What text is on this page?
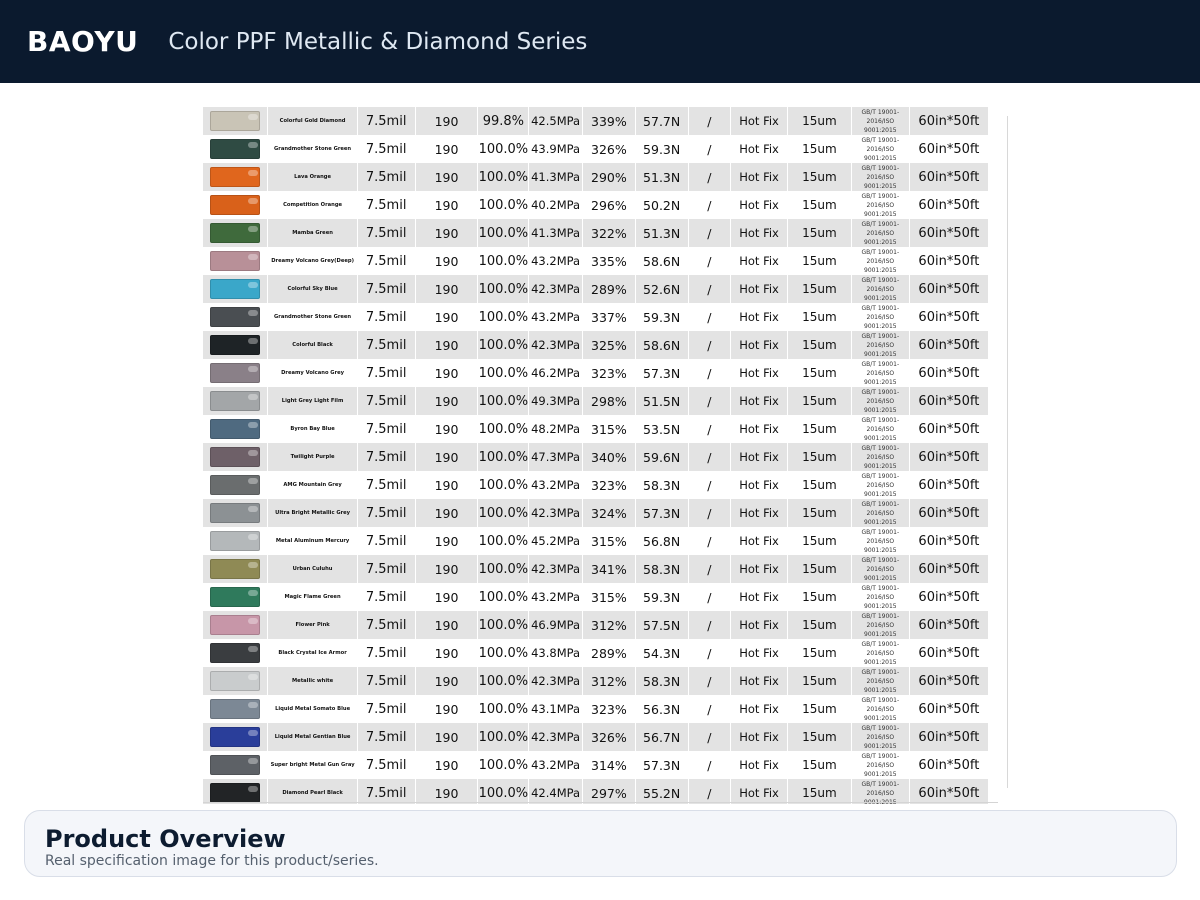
BAOYU Color PPF Metallic & Diamond Series
	Colorful Gold Diamond	7.5mil	190	99.8%	42.5MPa	339%	57.7N	/	Hot Fix	15um	GB/T 19001-2016/ISO 9001:2015	60in*50ft
	Grandmother Stone Green	7.5mil	190	100.0%	43.9MPa	326%	59.3N	/	Hot Fix	15um	GB/T 19001-2016/ISO 9001:2015	60in*50ft
	Lava Orange	7.5mil	190	100.0%	41.3MPa	290%	51.3N	/	Hot Fix	15um	GB/T 19001-2016/ISO 9001:2015	60in*50ft
	Competition Orange	7.5mil	190	100.0%	40.2MPa	296%	50.2N	/	Hot Fix	15um	GB/T 19001-2016/ISO 9001:2015	60in*50ft
	Mamba Green	7.5mil	190	100.0%	41.3MPa	322%	51.3N	/	Hot Fix	15um	GB/T 19001-2016/ISO 9001:2015	60in*50ft
	Dreamy Volcano Grey(Deep)	7.5mil	190	100.0%	43.2MPa	335%	58.6N	/	Hot Fix	15um	GB/T 19001-2016/ISO 9001:2015	60in*50ft
	Colorful Sky Blue	7.5mil	190	100.0%	42.3MPa	289%	52.6N	/	Hot Fix	15um	GB/T 19001-2016/ISO 9001:2015	60in*50ft
	Grandmother Stone Green	7.5mil	190	100.0%	43.2MPa	337%	59.3N	/	Hot Fix	15um	GB/T 19001-2016/ISO 9001:2015	60in*50ft
	Colorful Black	7.5mil	190	100.0%	42.3MPa	325%	58.6N	/	Hot Fix	15um	GB/T 19001-2016/ISO 9001:2015	60in*50ft
	Dreamy Volcano Grey	7.5mil	190	100.0%	46.2MPa	323%	57.3N	/	Hot Fix	15um	GB/T 19001-2016/ISO 9001:2015	60in*50ft
	Light Grey Light Film	7.5mil	190	100.0%	49.3MPa	298%	51.5N	/	Hot Fix	15um	GB/T 19001-2016/ISO 9001:2015	60in*50ft
	Byron Bay Blue	7.5mil	190	100.0%	48.2MPa	315%	53.5N	/	Hot Fix	15um	GB/T 19001-2016/ISO 9001:2015	60in*50ft
	Twilight Purple	7.5mil	190	100.0%	47.3MPa	340%	59.6N	/	Hot Fix	15um	GB/T 19001-2016/ISO 9001:2015	60in*50ft
	AMG Mountain Grey	7.5mil	190	100.0%	43.2MPa	323%	58.3N	/	Hot Fix	15um	GB/T 19001-2016/ISO 9001:2015	60in*50ft
	Ultra Bright Metallic Grey	7.5mil	190	100.0%	42.3MPa	324%	57.3N	/	Hot Fix	15um	GB/T 19001-2016/ISO 9001:2015	60in*50ft
	Metal Aluminum Mercury	7.5mil	190	100.0%	45.2MPa	315%	56.8N	/	Hot Fix	15um	GB/T 19001-2016/ISO 9001:2015	60in*50ft
	Urban Culuhu	7.5mil	190	100.0%	42.3MPa	341%	58.3N	/	Hot Fix	15um	GB/T 19001-2016/ISO 9001:2015	60in*50ft
	Magic Flame Green	7.5mil	190	100.0%	43.2MPa	315%	59.3N	/	Hot Fix	15um	GB/T 19001-2016/ISO 9001:2015	60in*50ft
	Flower Pink	7.5mil	190	100.0%	46.9MPa	312%	57.5N	/	Hot Fix	15um	GB/T 19001-2016/ISO 9001:2015	60in*50ft
	Black Crystal Ice Armor	7.5mil	190	100.0%	43.8MPa	289%	54.3N	/	Hot Fix	15um	GB/T 19001-2016/ISO 9001:2015	60in*50ft
	Metallic white	7.5mil	190	100.0%	42.3MPa	312%	58.3N	/	Hot Fix	15um	GB/T 19001-2016/ISO 9001:2015	60in*50ft
	Liquid Metal Somato Blue	7.5mil	190	100.0%	43.1MPa	323%	56.3N	/	Hot Fix	15um	GB/T 19001-2016/ISO 9001:2015	60in*50ft
	Liquid Metal Gentian Blue	7.5mil	190	100.0%	42.3MPa	326%	56.7N	/	Hot Fix	15um	GB/T 19001-2016/ISO 9001:2015	60in*50ft
	Super bright Metal Gun Gray	7.5mil	190	100.0%	43.2MPa	314%	57.3N	/	Hot Fix	15um	GB/T 19001-2016/ISO 9001:2015	60in*50ft
	Diamond Pearl Black	7.5mil	190	100.0%	42.4MPa	297%	55.2N	/	Hot Fix	15um	GB/T 19001-2016/ISO	60in*50ft
Product Overview
Real specification image for this product/series.
